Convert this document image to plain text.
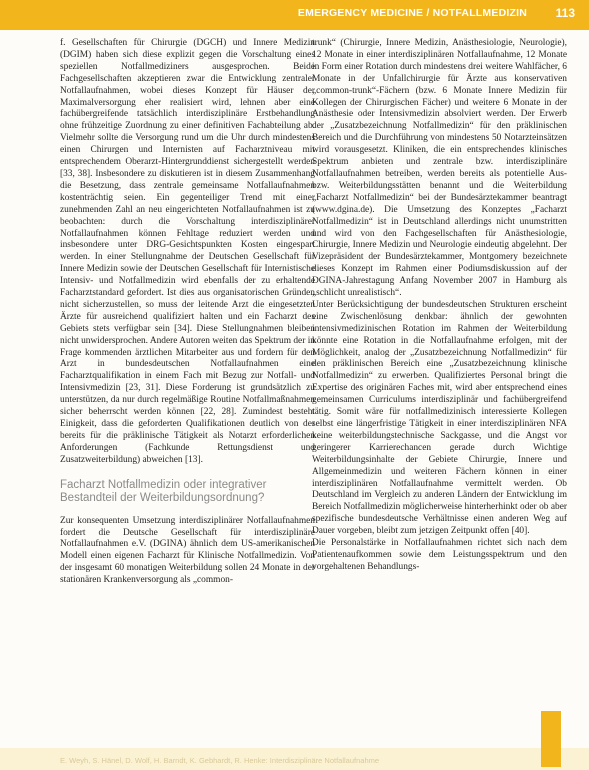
EMERGENCY MEDICINE / NOTFALLMEDIZIN 113

f. Gesellschaften für Chirurgie (DGCH) und Innere Medizin (DGIM) haben sich diese explizit gegen die Vorschaltung eines speziellen Notfallmediziners ausgesprochen. Beide Fachgesellschaften akzeptieren zwar die Entwicklung zentraler Notfallaufnahmen, wobei dieses Konzept für Häuser der Maximalversorgung eher realisiert wird, lehnen aber eine fachübergreifende tatsächlich interdisziplinäre Erstbehandlung ohne frühzeitige Zuordnung zu einer definitiven Fachabteilung ab. Vielmehr sollte die Versorgung rund um die Uhr durch mindestens einen Chirurgen und Internisten auf Facharztniveau mit entsprechendem Oberarzt-Hintergrunddienst sichergestellt werden [33, 38]. Insbesondere zu diskutieren ist in diesem Zusammenhang die Besetzung, dass zentrale gemeinsame Notfallaufnahmen kostenträchtig seien. Ein gegenteiliger Trend mit einer zunehmenden Zahl an neu eingerichteten Notfallaufnahmen ist zu beobachten: durch die Vorschaltung interdisziplinärer Notfallaufnahmen können Fehltage reduziert werden und insbesondere unter DRG-Gesichtspunkten Kosten eingespart werden. In einer Stellungnahme der Deutschen Gesellschaft für Innere Medizin sowie der Deutschen Gesellschaft für Internistische Intensiv- und Notfallmedizin wird ebenfalls der zu erhaltende Facharztstandard gefordert. Ist dies aus organisatorischen Gründen nicht sicherzustellen, so muss der leitende Arzt die eingesetzten Ärzte für ausreichend qualifiziert halten und ein Facharzt des Gebiets stets verfügbar sein [34]. Diese Stellungnahmen bleiben nicht unwidersprochen. Andere Autoren weiten das Spektrum der in Frage kommenden ärztlichen Mitarbeiter aus und fordern für den Arzt in bundesdeutschen Notfallaufnahmen eine Facharztqualifikation in einem Fach mit Bezug zur Notfall- und Intensivmedizin [23, 31]. Diese Forderung ist grundsätzlich zu unterstützen, da nur durch regelmäßige Routine Notfallmaßnahmen sicher beherrscht werden können [22, 28]. Zumindest besteht Einigkeit, dass die geforderten Qualifikationen deutlich von der bereits für die präklinische Tätigkeit als Notarzt erforderlichen Anforderungen (Fachkunde Rettungsdienst und Zusatzweiterbildung) abweichen [13].

Facharzt Notfallmedizin oder integrativer Bestandteil der Weiterbildungsordnung?

Zur konsequenten Umsetzung interdisziplinärer Notfallaufnahmen fordert die Deutsche Gesellschaft für interdisziplinäre Notfallaufnahmen e.V. (DGINA) ähnlich dem US-amerikanischen Modell einen eigenen Facharzt für Klinische Notfallmedizin. Von der insgesamt 60 monatigen Weiterbildung sollen 24 Monate in der stationären Krankenversorgung als „common-

trunk“ (Chirurgie, Innere Medizin, Anästhesiologie, Neurologie), 12 Monate in einer interdisziplinären Notfallaufnahme, 12 Monate in Form einer Rotation durch mindestens drei weitere Wahlfächer, 6 Monate in der Unfallchirurgie für Ärzte aus konservativen „common-trunk“-Fächern (bzw. 6 Monate Innere Medizin für Kollegen der Chirurgischen Fächer) und weitere 6 Monate in der Anästhesie oder Intensivmedizin absolviert werden. Der Erwerb der „Zusatzbezeichnung Notfallmedizin“ für den präklinischen Bereich und die Durchführung von mindestens 50 Notarzteinsätzen wird vorausgesetzt. Kliniken, die ein entsprechendes klinisches Spektrum anbieten und zentrale bzw. interdisziplinäre Notfallaufnahmen betreiben, werden bereits als potentielle Aus- bzw. Weiterbildungsstätten benannt und die Weiterbildung „Facharzt Notfallmedizin“ bei der Bundesärztekammer beantragt (www.dgina.de). Die Umsetzung des Konzeptes „Facharzt Notfallmedizin“ ist in Deutschland allerdings nicht unumstritten und wird von den Fachgesellschaften für Anästhesiologie, Chirurgie, Innere Medizin und Neurologie eindeutig abgelehnt. Der Vizepräsident der Bundesärztekammer, Montgomery bezeichnete dieses Konzept im Rahmen einer Podiumsdiskussion auf der DGINA-Jahrestagung Anfang November 2007 in Hamburg als „schlicht unrealistisch“.

Unter Berücksichtigung der bundesdeutschen Strukturen erscheint eine Zwischenlösung denkbar: ähnlich der gewohnten intensivmedizinischen Rotation im Rahmen der Weiterbildung könnte eine Rotation in die Notfallaufnahme erfolgen, mit der Möglichkeit, analog der „Zusatzbezeichnung Notfallmedizin“ für den präklinischen Bereich eine „Zusatzbezeichnung klinische Notfallmedizin“ zu erwerben. Qualifiziertes Personal bringt die Expertise des originären Faches mit, wird aber entsprechend eines gemeinsamen Curriculums interdisziplinär und fachübergreifend tätig. Somit wäre für notfallmedizinisch interessierte Kollegen selbst eine längerfristige Tätigkeit in einer interdisziplinären NFA keine weiterbildungstechnische Sackgasse, und die Angst vor geringerer Karrierechancen gerade durch Wichtige Weiterbildungsinhalte der Gebiete Chirurgie, Innere und Allgemeinmedizin und weiteren Fächern können in einer interdisziplinären Notfallaufnahme vermittelt werden. Ob Deutschland im Vergleich zu anderen Ländern der Entwicklung im Bereich Notfallmedizin möglicherweise hinterherhinkt oder ob aber spezifische bundesdeutsche Verhältnisse einen anderen Weg auf Dauer vorgeben, bleibt zum jetzigen Zeitpunkt offen [40].

Die Personalstärke in Notfallaufnahmen richtet sich nach dem Patientenaufkommen sowie dem Leistungsspektrum und den vorgehaltenen Behandlungs-

E. Weyh, S. Hänel, D. Wolf, H. Barndt, K. Gebhardt, R. Henke: Interdisziplinäre Notfallaufnahme
